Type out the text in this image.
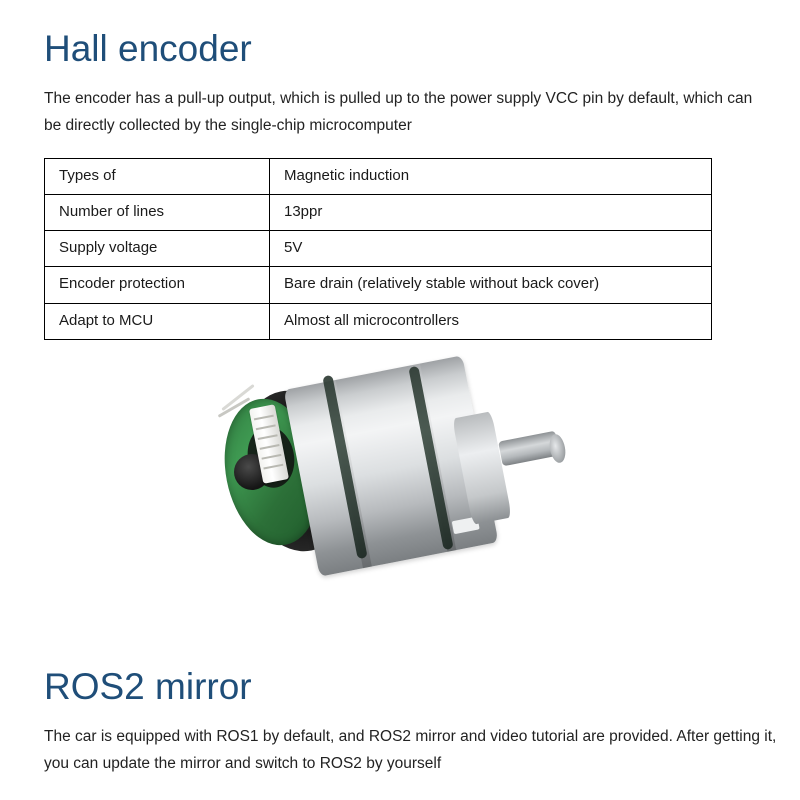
Hall encoder

The encoder has a pull-up output, which is pulled up to the power supply VCC pin by default, which can be directly collected by the single-chip microcomputer

Types of	Magnetic induction
Number of lines	13ppr
Supply voltage	5V
Encoder protection	Bare drain (relatively stable without back cover)
Adapt to MCU	Almost all microcontrollers
ROS2 mirror

The car is equipped with ROS1 by default, and ROS2 mirror and video tutorial are provided. After getting it, you can update the mirror and switch to ROS2 by yourself
